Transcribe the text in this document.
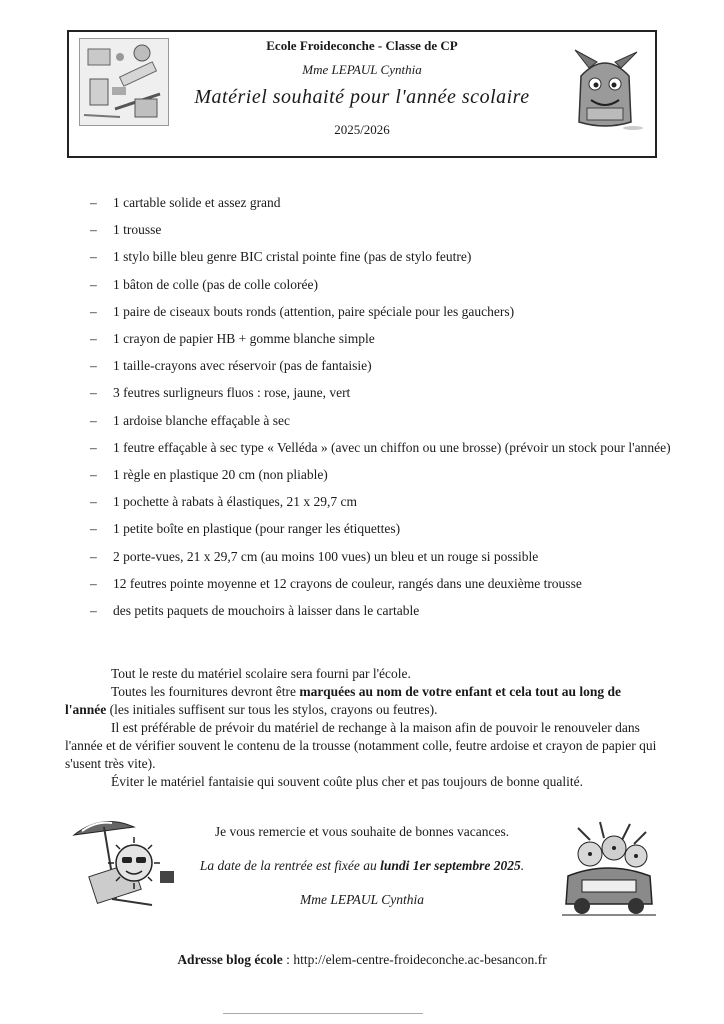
Ecole Froideconche - Classe de CP
Mme LEPAUL Cynthia
Matériel souhaité pour l'année scolaire
2025/2026
– 1 cartable solide et assez grand
– 1 trousse
– 1 stylo bille bleu genre BIC cristal pointe fine (pas de stylo feutre)
– 1 bâton de colle (pas de colle colorée)
– 1 paire de ciseaux bouts ronds (attention, paire spéciale pour les gauchers)
– 1 crayon de papier HB + gomme blanche simple
– 1 taille-crayons avec réservoir (pas de fantaisie)
– 3 feutres surligneurs fluos : rose, jaune, vert
– 1 ardoise blanche effaçable à sec
– 1 feutre effaçable à sec type « Velléda » (avec un chiffon ou une brosse) (prévoir un stock pour l'année)
– 1 règle en plastique 20 cm (non pliable)
– 1 pochette à rabats à élastiques, 21 x 29,7 cm
– 1 petite boîte en plastique (pour ranger les étiquettes)
– 2 porte-vues, 21 x 29,7 cm (au moins 100 vues) un bleu et un rouge si possible
– 12 feutres pointe moyenne et 12 crayons de couleur, rangés dans une deuxième trousse
– des petits paquets de mouchoirs à laisser dans le cartable

Tout le reste du matériel scolaire sera fourni par l'école.

Toutes les fournitures devront être marquées au nom de votre enfant et cela tout au long de l'année (les initiales suffisent sur tous les stylos, crayons ou feutres).

Il est préférable de prévoir du matériel de rechange à la maison afin de pouvoir le renouveler dans l'année et de vérifier souvent le contenu de la trousse (notamment colle, feutre ardoise et crayon de papier qui s'usent très vite).

Éviter le matériel fantaisie qui souvent coûte plus cher et pas toujours de bonne qualité.

Je vous remercie et vous souhaite de bonnes vacances.
La date de la rentrée est fixée au lundi 1er septembre 2025.
Mme LEPAUL Cynthia
Adresse blog école : http://elem-centre-froideconche.ac-besancon.fr
